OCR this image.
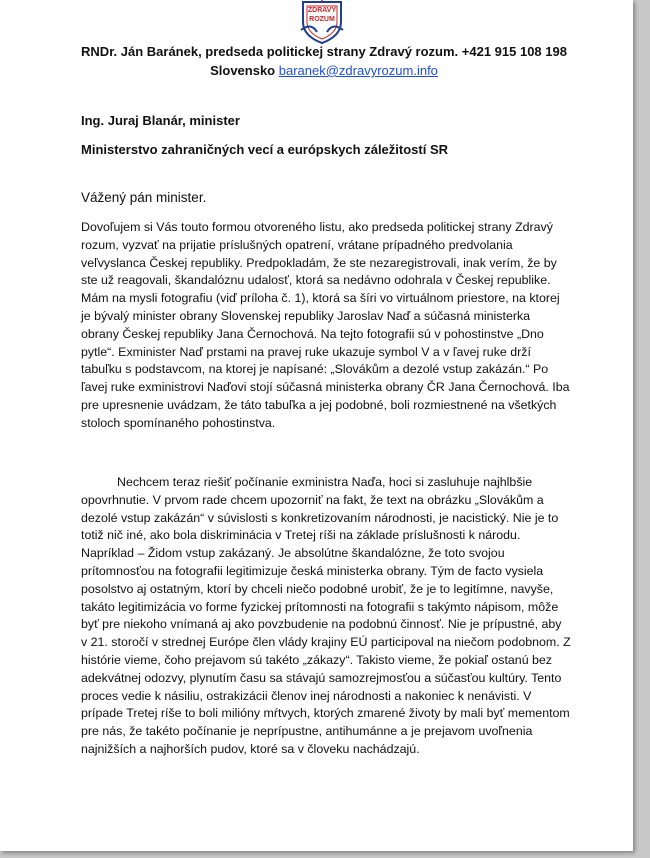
ZDRAVÝ
ROZUM
RNDr. Ján Baránek, predseda politickej strany Zdravý rozum. +421 915 108 198
Slovensko baranek@zdravyrozum.info
Ing. Juraj Blanár, minister
Ministerstvo zahraničných vecí a európskych záležitostí SR
Vážený pán minister.

Dovoľujem si Vás touto formou otvoreného listu, ako predseda politickej strany Zdravý rozum, vyzvať na prijatie príslušných opatrení, vrátane prípadného predvolania veľvyslanca Českej republiky. Predpokladám, že ste nezaregistrovali, inak verím, že by ste už reagovali, škandalóznu udalosť, ktorá sa nedávno odohrala v Českej republike. Mám na mysli fotografiu (viď príloha č. 1), ktorá sa šíri vo virtuálnom priestore, na ktorej je bývalý minister obrany Slovenskej republiky Jaroslav Naď a súčasná ministerka obrany Českej republiky Jana Černochová. Na tejto fotografii sú v pohostinstve „Dno pytle“. Exminister Naď prstami na pravej ruke ukazuje symbol V a v ľavej ruke drží tabuľku s podstavcom, na ktorej je napísané: „Slovákům a dezolé vstup zakázán.“ Po ľavej ruke exministrovi Naďovi stojí súčasná ministerka obrany ČR Jana Černochová. Iba pre upresnenie uvádzam, že táto tabuľka a jej podobné, boli rozmiestnené na všetkých stoloch spomínaného pohostinstva.

Nechcem teraz riešiť počínanie exministra Naďa, hoci si zasluhuje najhlbšie opovrhnutie. V prvom rade chcem upozorniť na fakt, že text na obrázku „Slovákům a dezolé vstup zakázán“ v súvislosti s konkretizovaním národnosti, je nacistický. Nie je to totiž nič iné, ako bola diskriminácia v Tretej ríši na základe príslušnosti k národu. Napríklad – Židom vstup zakázaný. Je absolútne škandalózne, že toto svojou prítomnosťou na fotografii legitimizuje česká ministerka obrany. Tým de facto vysiela posolstvo aj ostatným, ktorí by chceli niečo podobné urobiť, že je to legitímne, navyše, takáto legitimizácia vo forme fyzickej prítomnosti na fotografii s takýmto nápisom, môže byť pre niekoho vnímaná aj ako povzbudenie na podobnú činnosť. Nie je prípustné, aby v 21. storočí v strednej Európe člen vlády krajiny EÚ participoval na niečom podobnom. Z histórie vieme, čoho prejavom sú takéto „zákazy“. Takisto vieme, že pokiaľ ostanú bez adekvátnej odozvy, plynutím času sa stávajú samozrejmosťou a súčasťou kultúry. Tento proces vedie k násiliu, ostrakizácii členov inej národnosti a nakoniec k nenávisti. V prípade Tretej ríše to boli milióny mŕtvych, ktorých zmarené životy by mali byť mementom pre nás, že takéto počínanie je neprípustne, antihumánne a je prejavom uvoľnenia najnižších a najhorších pudov, ktoré sa v človeku nachádzajú.
